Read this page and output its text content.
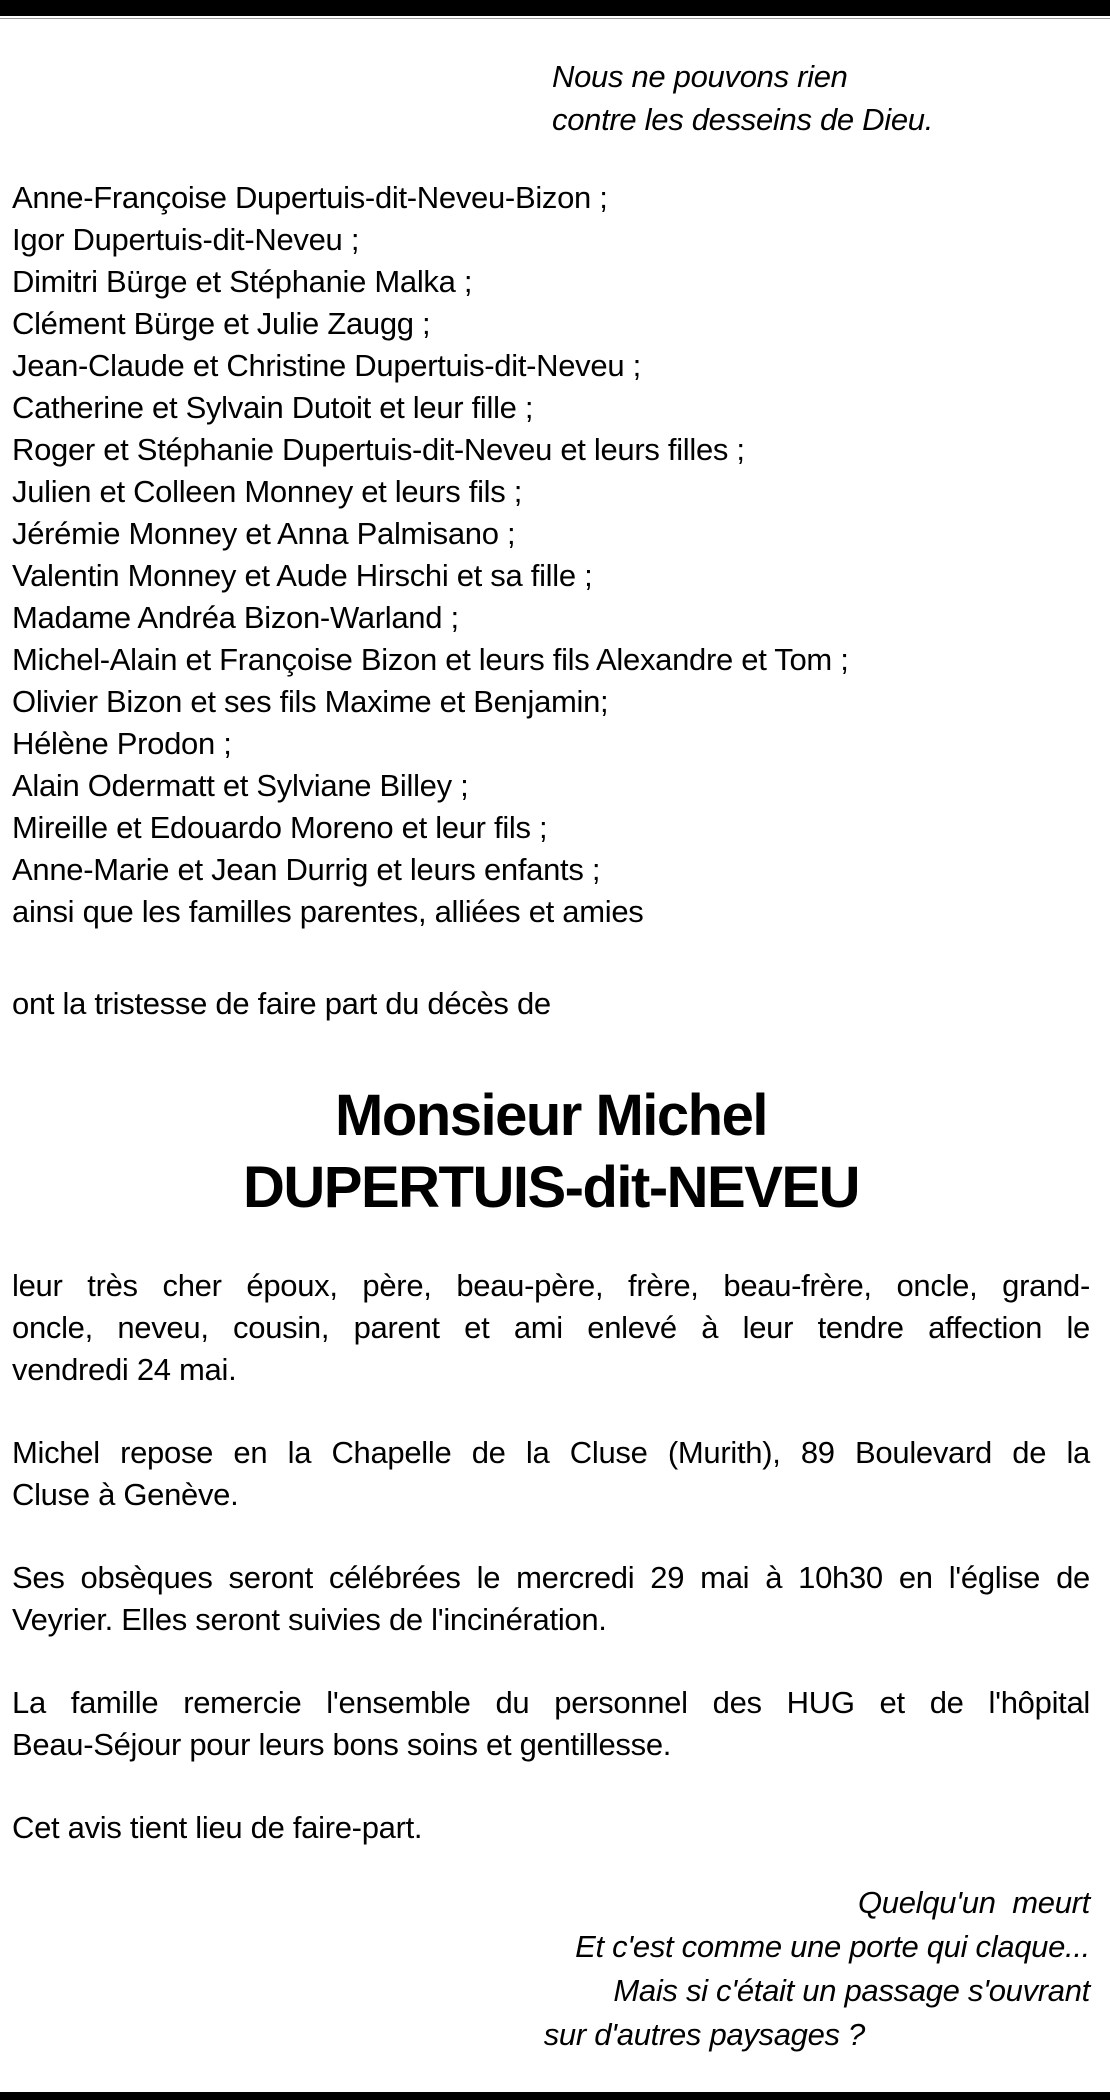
Nous ne pouvons rien
contre les desseins de Dieu.
Anne-Françoise Dupertuis-dit-Neveu-Bizon ;
Igor Dupertuis-dit-Neveu ;
Dimitri Bürge et Stéphanie Malka ;
Clément Bürge et Julie Zaugg ;
Jean-Claude et Christine Dupertuis-dit-Neveu ;
Catherine et Sylvain Dutoit et leur fille ;
Roger et Stéphanie Dupertuis-dit-Neveu et leurs filles ;
Julien et Colleen Monney et leurs fils ;
Jérémie Monney et Anna Palmisano ;
Valentin Monney et Aude Hirschi et sa fille ;
Madame Andréa Bizon-Warland ;
Michel-Alain et Françoise Bizon et leurs fils Alexandre et Tom ;
Olivier Bizon et ses fils Maxime et Benjamin;
Hélène Prodon ;
Alain Odermatt et Sylviane Billey ;
Mireille et Edouardo Moreno et leur fils ;
Anne-Marie et Jean Durrig et leurs enfants ;
ainsi que les familles parentes, alliées et amies
ont la tristesse de faire part du décès de
Monsieur Michel
DUPERTUIS-dit-NEVEU
leur très cher époux, père, beau-père, frère, beau-frère, oncle, grand-
oncle, neveu, cousin, parent et ami enlevé à leur tendre affection le
vendredi 24 mai.
Michel repose en la Chapelle de la Cluse (Murith), 89 Boulevard de la
Cluse à Genève.
Ses obsèques seront célébrées le mercredi 29 mai à 10h30 en l'église de
Veyrier. Elles seront suivies de l'incinération.
La famille remercie l'ensemble du personnel des HUG et de l'hôpital
Beau-Séjour pour leurs bons soins et gentillesse.
Cet avis tient lieu de faire-part.
Quelqu'un  meurt
Et c'est comme une porte qui claque...
Mais si c'était un passage s'ouvrant
sur d'autres paysages ?
